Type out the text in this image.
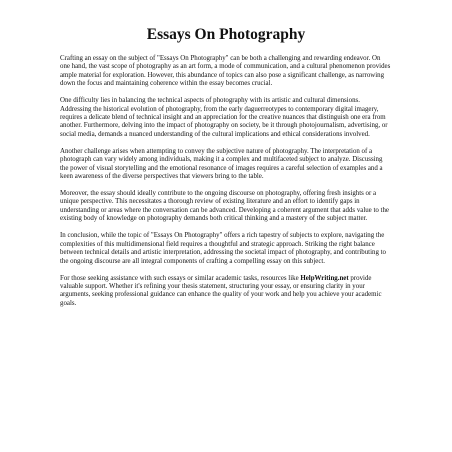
Essays On Photography

Crafting an essay on the subject of "Essays On Photography" can be both a challenging and rewarding endeavor. On one hand, the vast scope of photography as an art form, a mode of communication, and a cultural phenomenon provides ample material for exploration. However, this abundance of topics can also pose a significant challenge, as narrowing down the focus and maintaining coherence within the essay becomes crucial.

One difficulty lies in balancing the technical aspects of photography with its artistic and cultural dimensions. Addressing the historical evolution of photography, from the early daguerreotypes to contemporary digital imagery, requires a delicate blend of technical insight and an appreciation for the creative nuances that distinguish one era from another. Furthermore, delving into the impact of photography on society, be it through photojournalism, advertising, or social media, demands a nuanced understanding of the cultural implications and ethical considerations involved.

Another challenge arises when attempting to convey the subjective nature of photography. The interpretation of a photograph can vary widely among individuals, making it a complex and multifaceted subject to analyze. Discussing the power of visual storytelling and the emotional resonance of images requires a careful selection of examples and a keen awareness of the diverse perspectives that viewers bring to the table.

Moreover, the essay should ideally contribute to the ongoing discourse on photography, offering fresh insights or a unique perspective. This necessitates a thorough review of existing literature and an effort to identify gaps in understanding or areas where the conversation can be advanced. Developing a coherent argument that adds value to the existing body of knowledge on photography demands both critical thinking and a mastery of the subject matter.

In conclusion, while the topic of "Essays On Photography" offers a rich tapestry of subjects to explore, navigating the complexities of this multidimensional field requires a thoughtful and strategic approach. Striking the right balance between technical details and artistic interpretation, addressing the societal impact of photography, and contributing to the ongoing discourse are all integral components of crafting a compelling essay on this subject.

For those seeking assistance with such essays or similar academic tasks, resources like HelpWriting.net provide valuable support. Whether it's refining your thesis statement, structuring your essay, or ensuring clarity in your arguments, seeking professional guidance can enhance the quality of your work and help you achieve your academic goals.
